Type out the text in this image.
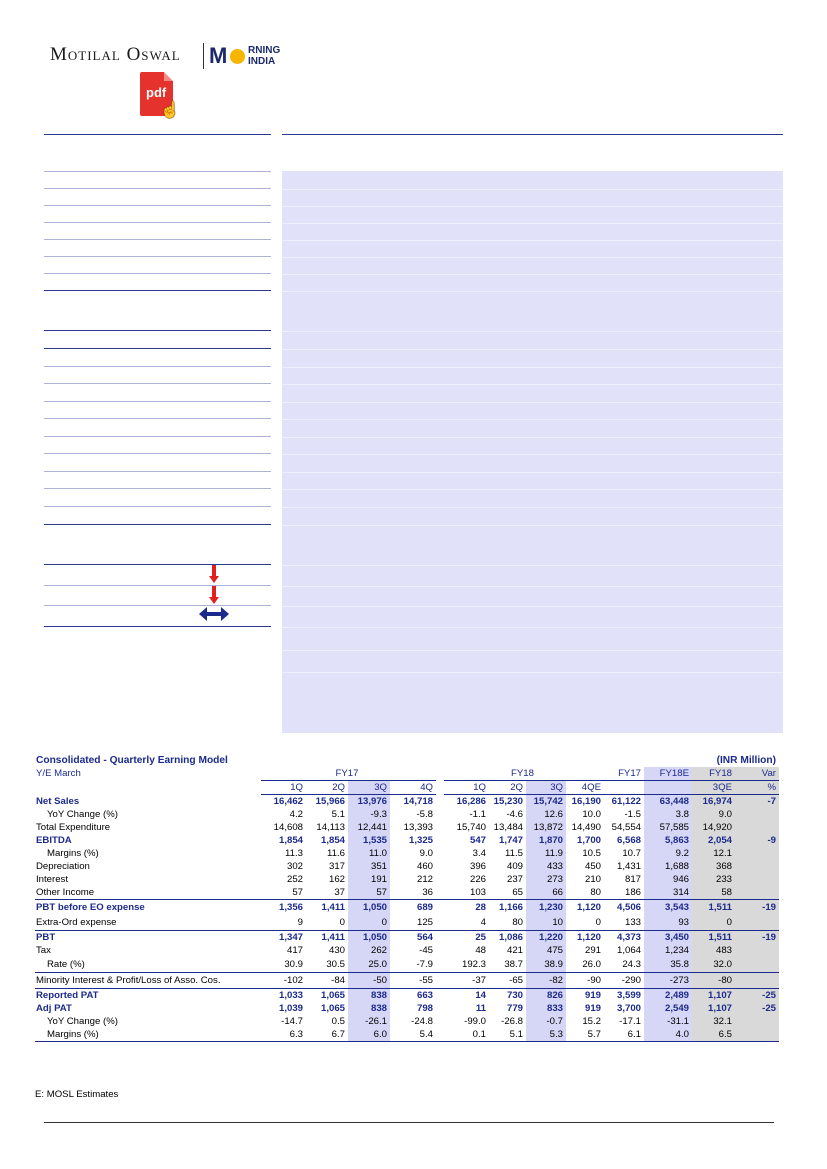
Motilal Oswal M RNING
INDIA
pdf
☝
Consolidated - Quarterly Earning Model									(INR Million)				
Y/E March	FY17					FY18				FY17	FY18E	FY18	Var
	1Q	2Q	3Q	4Q		1Q	2Q	3Q	4QE			3QE	%
Net Sales	16,462	15,966	13,976	14,718		16,286	15,230	15,742	16,190	61,122	63,448	16,974	-7
YoY Change (%)	4.2	5.1	-9.3	-5.8		-1.1	-4.6	12.6	10.0	-1.5	3.8	9.0	
Total Expenditure	14,608	14,113	12,441	13,393		15,740	13,484	13,872	14,490	54,554	57,585	14,920	
EBITDA	1,854	1,854	1,535	1,325		547	1,747	1,870	1,700	6,568	5,863	2,054	-9
Margins (%)	11.3	11.6	11.0	9.0		3.4	11.5	11.9	10.5	10.7	9.2	12.1	
Depreciation	302	317	351	460		396	409	433	450	1,431	1,688	368	
Interest	252	162	191	212		226	237	273	210	817	946	233	
Other Income	57	37	57	36		103	65	66	80	186	314	58	
PBT before EO expense	1,356	1,411	1,050	689		28	1,166	1,230	1,120	4,506	3,543	1,511	-19
Extra-Ord expense	9	0	0	125		4	80	10	0	133	93	0	
PBT	1,347	1,411	1,050	564		25	1,086	1,220	1,120	4,373	3,450	1,511	-19
Tax	417	430	262	-45		48	421	475	291	1,064	1,234	483	
Rate (%)	30.9	30.5	25.0	-7.9		192.3	38.7	38.9	26.0	24.3	35.8	32.0	
Minority Interest & Profit/Loss of Asso. Cos.	-102	-84	-50	-55		-37	-65	-82	-90	-290	-273	-80	
Reported PAT	1,033	1,065	838	663		14	730	826	919	3,599	2,489	1,107	-25
Adj PAT	1,039	1,065	838	798		11	779	833	919	3,700	2,549	1,107	-25
YoY Change (%)	-14.7	0.5	-26.1	-24.8		-99.0	-26.8	-0.7	15.2	-17.1	-31.1	32.1	
Margins (%)	6.3	6.7	6.0	5.4		0.1	5.1	5.3	5.7	6.1	4.0	6.5	
E: MOSL Estimates
